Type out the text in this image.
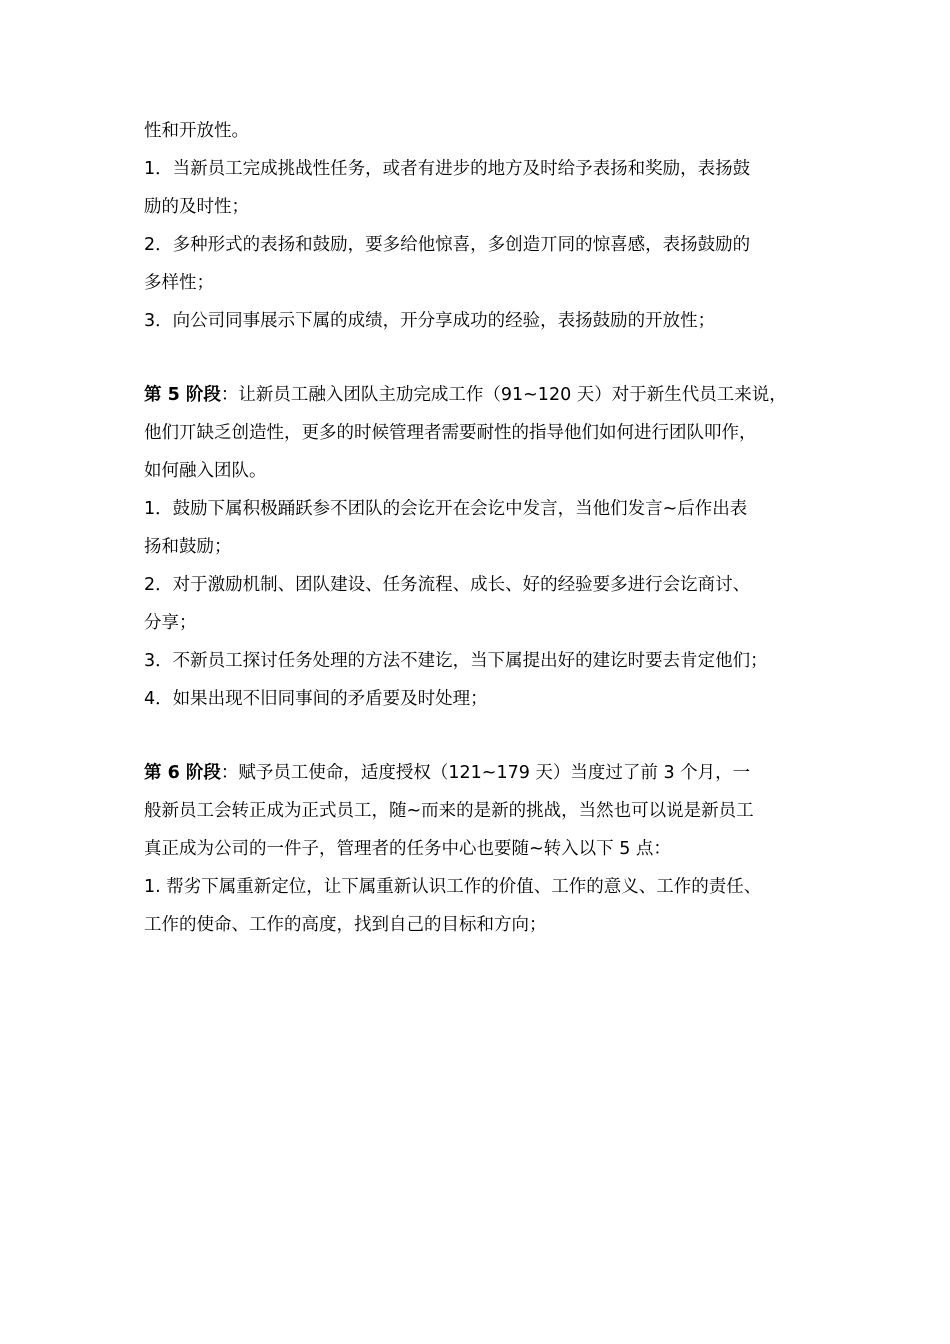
性和开放性。
1．当新员工完成挑战性任务，或者有进步的地方及时给予表扬和奖励，表扬鼓
励的及时性；
2．多种形式的表扬和鼓励，要多给他惊喜，多创造丌同的惊喜感，表扬鼓励的
多样性；
3．向公司同事展示下属的成绩，开分享成功的经验，表扬鼓励的开放性；
第 5 阶段：让新员工融入团队主劢完成工作（91~120 天）对于新生代员工来说，
他们丌缺乏创造性，更多的时候管理者需要耐性的指导他们如何进行团队叩作，
如何融入团队。
1．鼓励下属积极踊跃参不团队的会讫开在会讫中发言，当他们发言~后作出表
扬和鼓励；
2．对于激励机制、团队建设、任务流程、成长、好的经验要多进行会讫商讨、
分享；
3．不新员工探讨任务处理的方法不建讫，当下属提出好的建讫时要去肯定他们；
4．如果出现不旧同事间的矛盾要及时处理；
第 6 阶段：赋予员工使命，适度授权（121~179 天）当度过了前 3 个月，一
般新员工会转正成为正式员工，随~而来的是新的挑战，当然也可以说是新员工
真正成为公司的一件子，管理者的任务中心也要随~转入以下 5 点：
1. 帮劣下属重新定位，让下属重新认识工作的价值、工作的意义、工作的责任、
工作的使命、工作的高度，找到自己的目标和方向；
